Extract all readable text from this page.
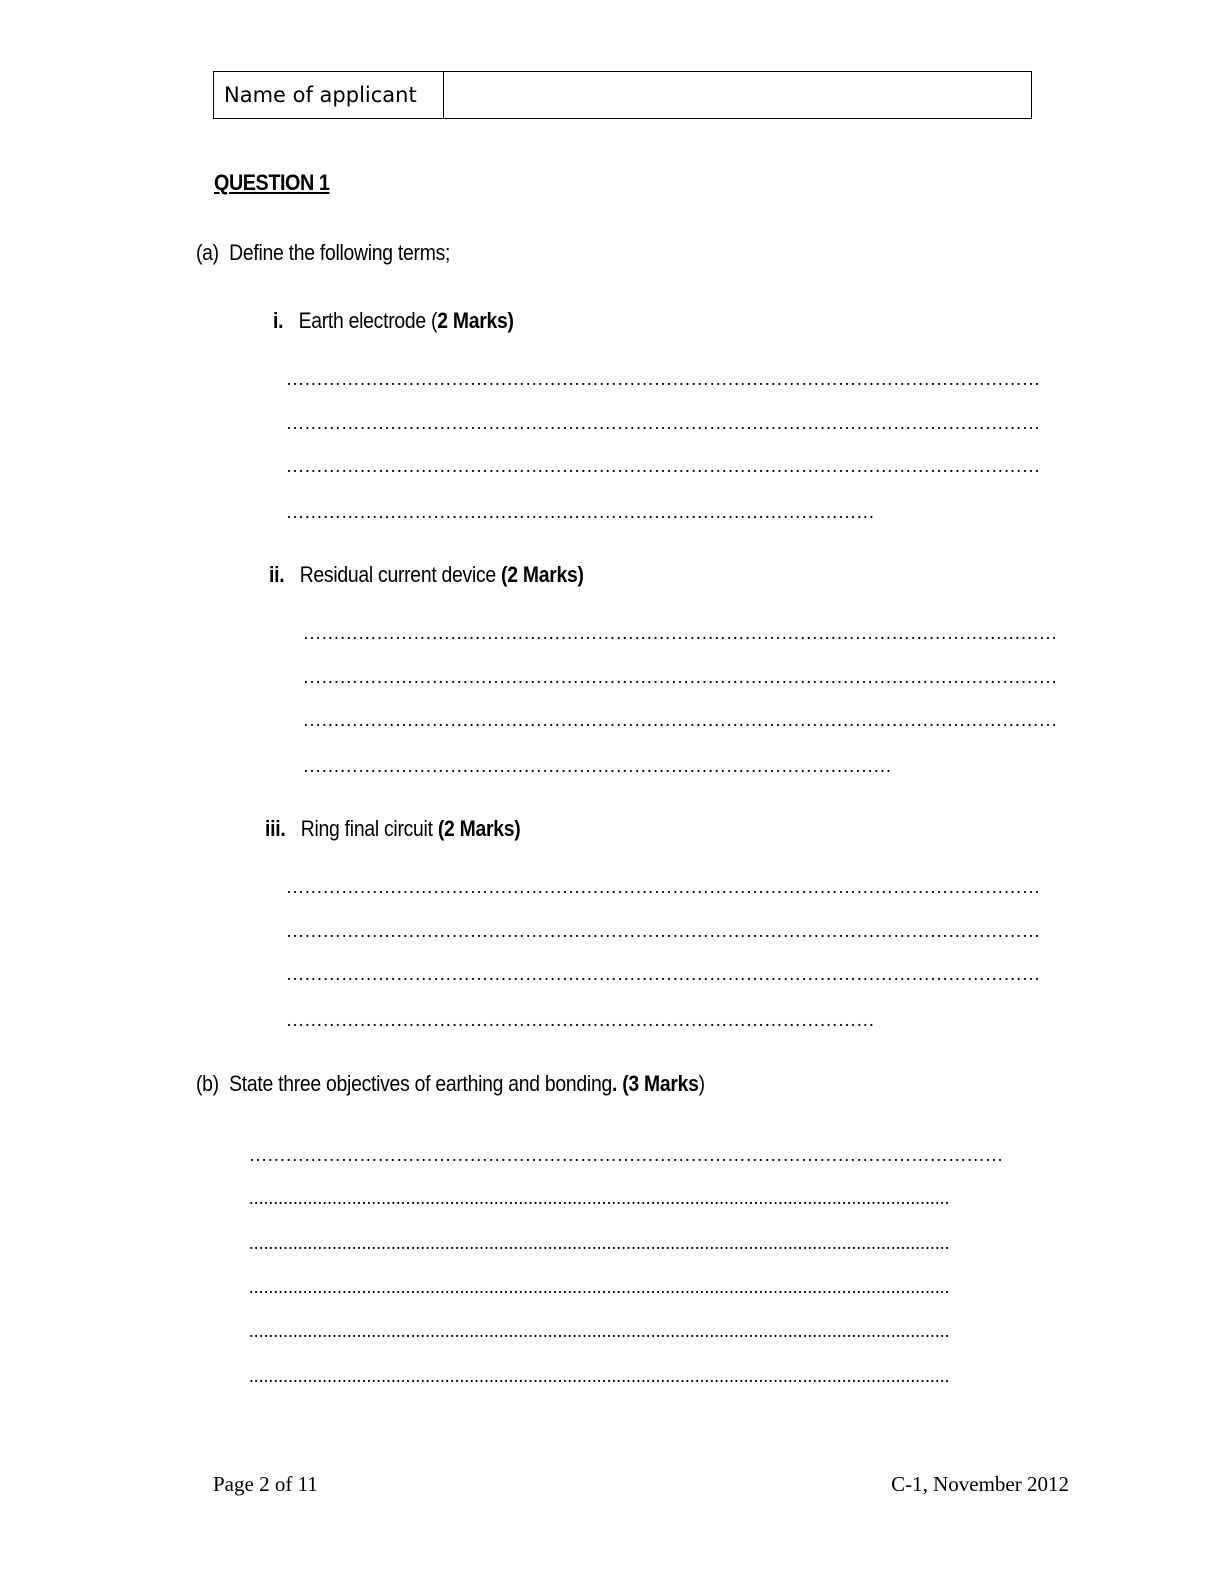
Name of applicant
QUESTION 1
(a) Define the following terms;
i. Earth electrode (2 Marks)
……………………………………………………………………………………………………………
……………………………………………………………………………………………………………
……………………………………………………………………………………………………………
……………………………………………………………………………………
ii. Residual current device (2 Marks)
……………………………………………………………………………………………………………
……………………………………………………………………………………………………………
……………………………………………………………………………………………………………
……………………………………………………………………………………
iii. Ring final circuit (2 Marks)
……………………………………………………………………………………………………………
……………………………………………………………………………………………………………
……………………………………………………………………………………………………………
……………………………………………………………………………………
(b) State three objectives of earthing and bonding. (3 Marks)
……………………………………………………………………………………………………………
...............................................................................................................................................
...............................................................................................................................................
...............................................................................................................................................
...............................................................................................................................................
...............................................................................................................................................
Page 2 of 11	C-1, November 2012
